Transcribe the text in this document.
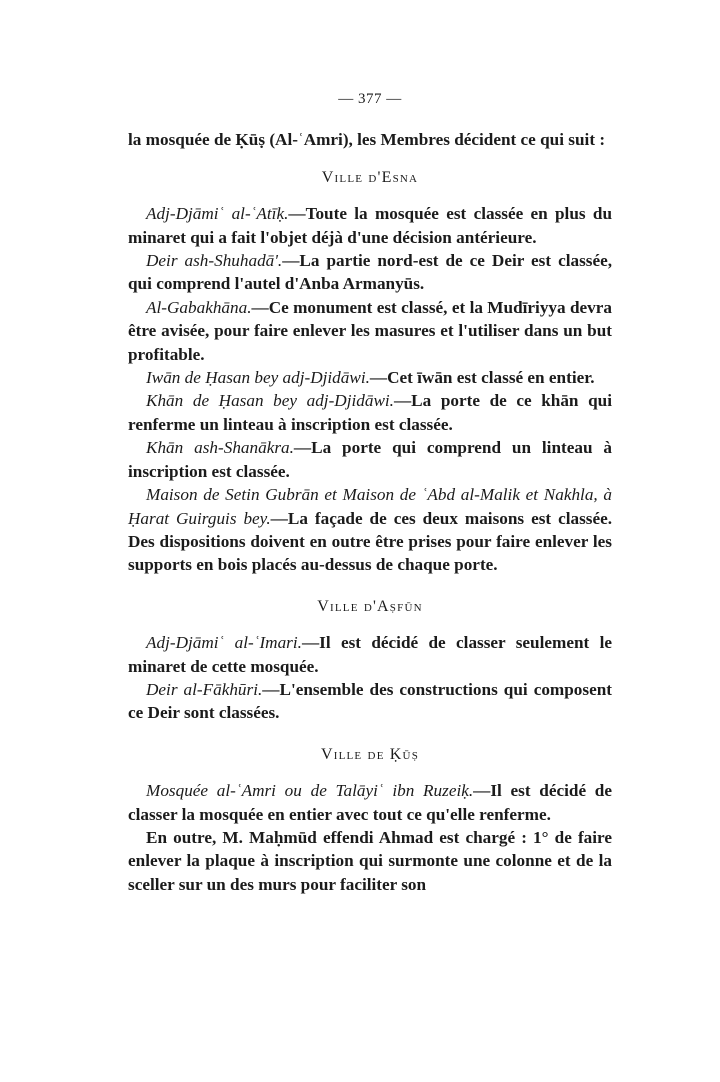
— 377 —

la mosquée de Ḳūṣ (Al-ʿAmri), les Membres décident ce qui suit :

Ville d'Esna

Adj-Djāmiʿ al-ʿAtīḳ.—Toute la mosquée est classée en plus du minaret qui a fait l'objet déjà d'une décision antérieure.

Deir ash-Shuhadā'.—La partie nord-est de ce Deir est classée, qui comprend l'autel d'Anba Armanyūs.

Al-Gabakhāna.—Ce monument est classé, et la Mudīriyya devra être avisée, pour faire enlever les masures et l'utiliser dans un but profitable.

Iwān de Ḥasan bey adj-Djidāwi.—Cet īwān est classé en entier.

Khān de Ḥasan bey adj-Djidāwi.—La porte de ce khān qui renferme un linteau à inscription est classée.

Khān ash-Shanākra.—La porte qui comprend un linteau à inscription est classée.

Maison de Setin Gubrān et Maison de ʿAbd al-Malik et Nakhla, à Ḥarat Guirguis bey.—La façade de ces deux maisons est classée. Des dispositions doivent en outre être prises pour faire enlever les supports en bois placés au-dessus de chaque porte.

Ville d'Aṣfūn

Adj-Djāmiʿ al-ʿImari.—Il est décidé de classer seulement le minaret de cette mosquée.

Deir al-Fākhūri.—L'ensemble des constructions qui composent ce Deir sont classées.

Ville de Ḳūṣ

Mosquée al-ʿAmri ou de Talāyiʿ ibn Ruzeiḳ.—Il est décidé de classer la mosquée en entier avec tout ce qu'elle renferme.

En outre, M. Maḥmūd effendi Ahmad est chargé : 1° de faire enlever la plaque à inscription qui surmonte une colonne et de la sceller sur un des murs pour faciliter son
